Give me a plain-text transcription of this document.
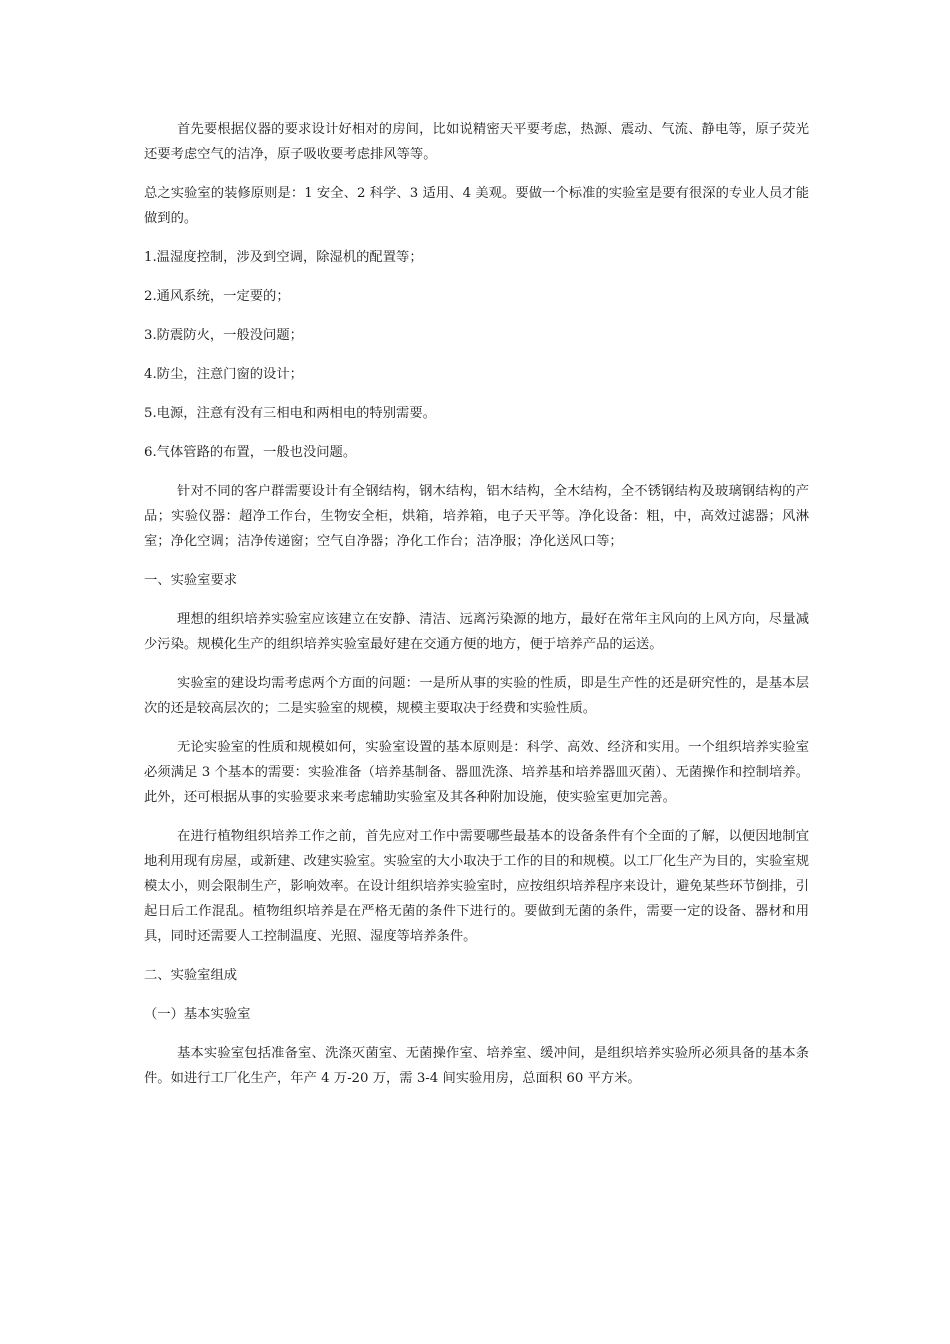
首先要根据仪器的要求设计好相对的房间，比如说精密天平要考虑，热源、震动、气流、静电等，原子荧光还要考虑空气的洁净，原子吸收要考虑排风等等。

总之实验室的装修原则是：1 安全、2 科学、3 适用、4 美观。要做一个标准的实验室是要有很深的专业人员才能做到的。

1.温湿度控制，涉及到空调，除湿机的配置等；

2.通风系统，一定要的；

3.防震防火，一般没问题；

4.防尘，注意门窗的设计；

5.电源，注意有没有三相电和两相电的特别需要。

6.气体管路的布置，一般也没问题。

针对不同的客户群需要设计有全钢结构，钢木结构，铝木结构，全木结构，全不锈钢结构及玻璃钢结构的产品；实验仪器：超净工作台，生物安全柜，烘箱，培养箱，电子天平等。净化设备：粗，中，高效过滤器；风淋室；净化空调；洁净传递窗；空气自净器；净化工作台；洁净服；净化送风口等；

一、实验室要求

理想的组织培养实验室应该建立在安静、清洁、远离污染源的地方，最好在常年主风向的上风方向，尽量减少污染。规模化生产的组织培养实验室最好建在交通方便的地方，便于培养产品的运送。

实验室的建设均需考虑两个方面的问题：一是所从事的实验的性质，即是生产性的还是研究性的，是基本层次的还是较高层次的；二是实验室的规模，规模主要取决于经费和实验性质。

无论实验室的性质和规模如何，实验室设置的基本原则是：科学、高效、经济和实用。一个组织培养实验室必须满足 3 个基本的需要：实验准备（培养基制备、器皿洗涤、培养基和培养器皿灭菌）、无菌操作和控制培养。此外，还可根据从事的实验要求来考虑辅助实验室及其各种附加设施，使实验室更加完善。

在进行植物组织培养工作之前，首先应对工作中需要哪些最基本的设备条件有个全面的了解，以便因地制宜地利用现有房屋，或新建、改建实验室。实验室的大小取决于工作的目的和规模。以工厂化生产为目的，实验室规模太小，则会限制生产，影响效率。在设计组织培养实验室时，应按组织培养程序来设计，避免某些环节倒排，引起日后工作混乱。植物组织培养是在严格无菌的条件下进行的。要做到无菌的条件，需要一定的设备、器材和用具，同时还需要人工控制温度、光照、湿度等培养条件。

二、实验室组成

（一）基本实验室

基本实验室包括准备室、洗涤灭菌室、无菌操作室、培养室、缓冲间，是组织培养实验所必须具备的基本条件。如进行工厂化生产，年产 4 万-20 万，需 3-4 间实验用房，总面积 60 平方米。
